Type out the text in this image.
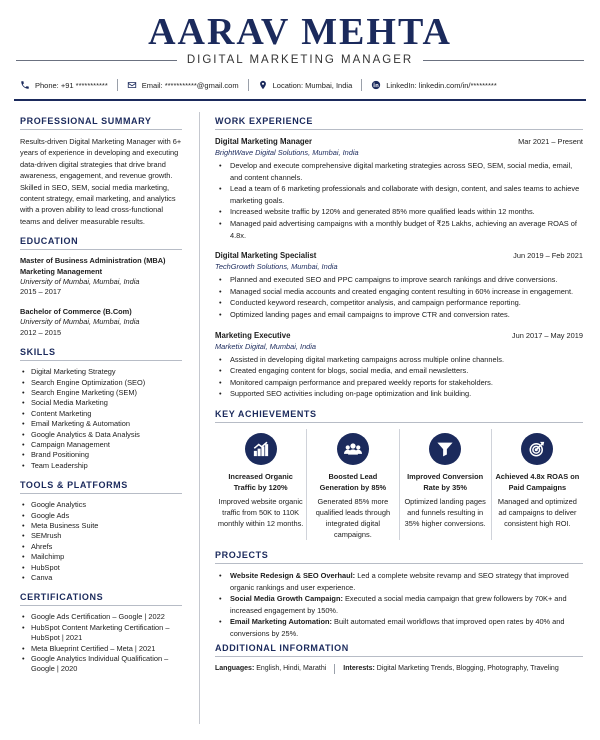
AARAV MEHTA
DIGITAL MARKETING MANAGER
Phone: +91 ***********	Email: ***********@gmail.com	Location: Mumbai, India	LinkedIn: linkedin.com/in/*********
PROFESSIONAL SUMMARY
Results-driven Digital Marketing Manager with 6+ years of experience in developing and executing data-driven digital strategies that drive brand awareness, engagement, and revenue growth. Skilled in SEO, SEM, social media marketing, content strategy, email marketing, and analytics with a proven ability to lead cross-functional teams and deliver measurable results.
EDUCATION
Master of Business Administration (MBA)
Marketing Management
University of Mumbai, Mumbai, India
2015 – 2017
Bachelor of Commerce (B.Com)
University of Mumbai, Mumbai, India
2012 – 2015
SKILLS
• Digital Marketing Strategy
• Search Engine Optimization (SEO)
• Search Engine Marketing (SEM)
• Social Media Marketing
• Content Marketing
• Email Marketing & Automation
• Google Analytics & Data Analysis
• Campaign Management
• Brand Positioning
• Team Leadership
TOOLS & PLATFORMS
• Google Analytics
• Google Ads
• Meta Business Suite
• SEMrush
• Ahrefs
• Mailchimp
• HubSpot
• Canva
CERTIFICATIONS
• Google Ads Certification – Google | 2022
• HubSpot Content Marketing Certification – HubSpot | 2021
• Meta Blueprint Certified – Meta | 2021
• Google Analytics Individual Qualification – Google | 2020
WORK EXPERIENCE
Digital Marketing Manager	Mar 2021 – Present
BrightWave Digital Solutions, Mumbai, India
• Develop and execute comprehensive digital marketing strategies across SEO, SEM, social media, email, and content channels.
• Lead a team of 6 marketing professionals and collaborate with design, content, and sales teams to achieve marketing goals.
• Increased website traffic by 120% and generated 85% more qualified leads within 12 months.
• Managed paid advertising campaigns with a monthly budget of ₹25 Lakhs, achieving an average ROAS of 4.8x.
Digital Marketing Specialist	Jun 2019 – Feb 2021
TechGrowth Solutions, Mumbai, India
• Planned and executed SEO and PPC campaigns to improve search rankings and drive conversions.
• Managed social media accounts and created engaging content resulting in 60% increase in engagement.
• Conducted keyword research, competitor analysis, and campaign performance reporting.
• Optimized landing pages and email campaigns to improve CTR and conversion rates.
Marketing Executive	Jun 2017 – May 2019
Marketix Digital, Mumbai, India
• Assisted in developing digital marketing campaigns across multiple online channels.
• Created engaging content for blogs, social media, and email newsletters.
• Monitored campaign performance and prepared weekly reports for stakeholders.
• Supported SEO activities including on-page optimization and link building.
KEY ACHIEVEMENTS
Increased Organic Traffic by 120%
Improved website organic traffic from 50K to 110K monthly within 12 months.
Boosted Lead Generation by 85%
Generated 85% more qualified leads through integrated digital campaigns.
Improved Conversion Rate by 35%
Optimized landing pages and funnels resulting in 35% higher conversions.
Achieved 4.8x ROAS on Paid Campaigns
Managed and optimized ad campaigns to deliver consistent high ROI.
PROJECTS
• Website Redesign & SEO Overhaul: Led a complete website revamp and SEO strategy that improved organic rankings and user experience.
• Social Media Growth Campaign: Executed a social media campaign that grew followers by 70K+ and increased engagement by 150%.
• Email Marketing Automation: Built automated email workflows that improved open rates by 40% and conversions by 25%.
ADDITIONAL INFORMATION
Languages:
English, Hindi, Marathi Interests:
Digital Marketing Trends, Blogging, Photography, Traveling
